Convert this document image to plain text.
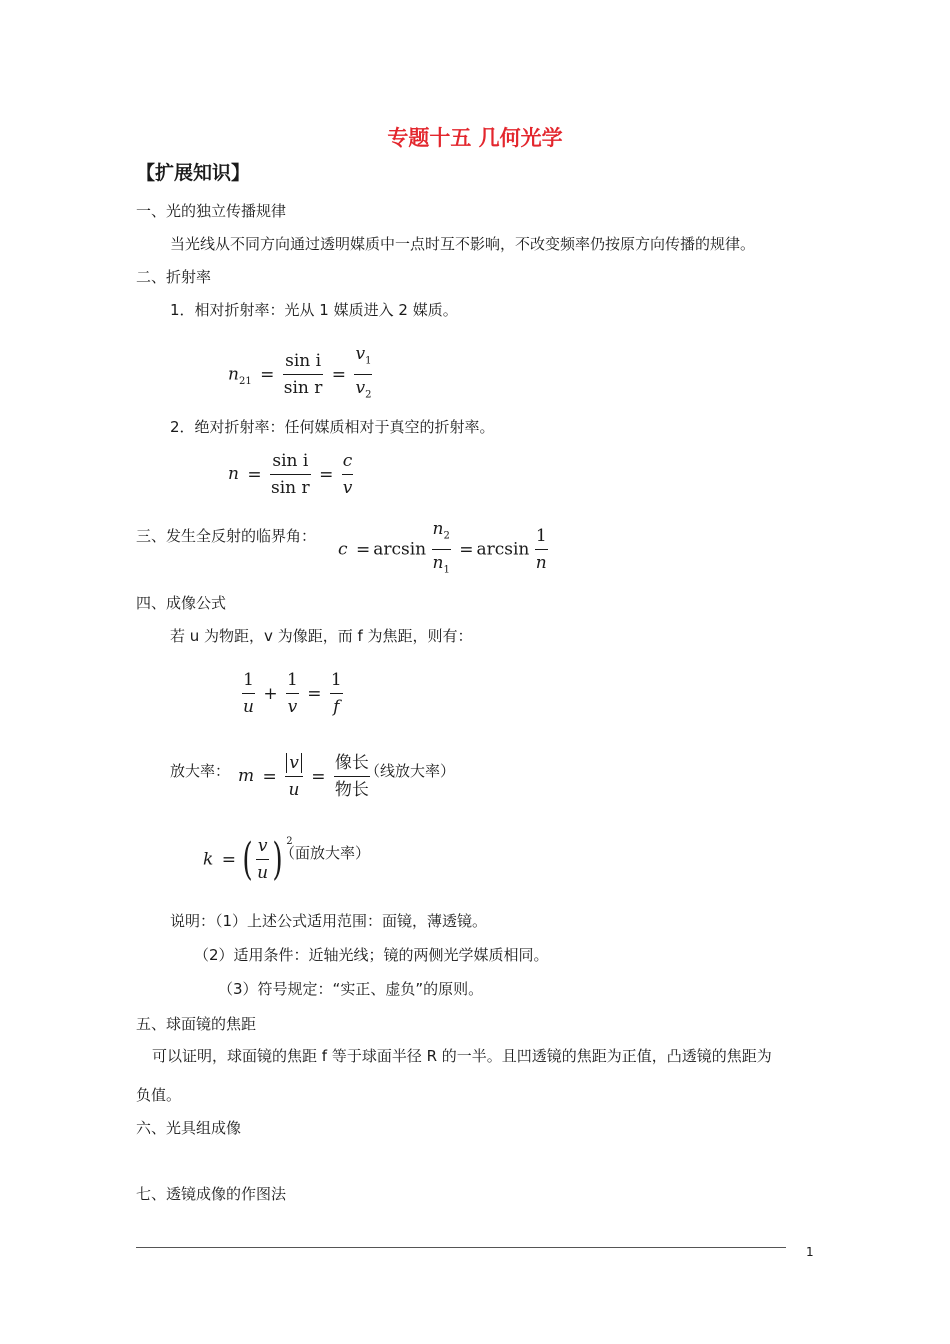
专题十五 几何光学
【扩展知识】
一、光的独立传播规律
当光线从不同方向通过透明媒质中一点时互不影响，不改变频率仍按原方向传播的规律。
二、折射率
1．相对折射率：光从 1 媒质进入 2 媒质。
$n_{21} = \frac{\text{sin i}}{\text{sin r}} = \frac{v_1}{v_2}$
2．绝对折射率：任何媒质相对于真空的折射率。
$n = \frac{\text{sin i}}{\text{sin r}} = \frac{c}{v}$
三、发生全反射的临界角：
$c = \arcsin \frac{n_2}{n_1} = \arcsin \frac{1}{n}$
四、成像公式
若 u 为物距，v 为像距，而 f 为焦距，则有：
$\frac{1}{u} + \frac{1}{v} = \frac{1}{f}$
放大率： $m = \frac{v}{u} = \frac{\text{像长}}{\text{物长}}$
（线放大率）
k = ( $\frac{v}{u}$ ) $^2$
（面放大率）
说明：（1）上述公式适用范围：面镜，薄透镜。
（2）适用条件：近轴光线；镜的两侧光学媒质相同。
（3）符号规定：“实正、虚负”的原则。
五、球面镜的焦距
可以证明，球面镜的焦距 f 等于球面半径 R 的一半。且凹透镜的焦距为正值，凸透镜的焦距为
负值。
六、光具组成像
七、透镜成像的作图法
1
